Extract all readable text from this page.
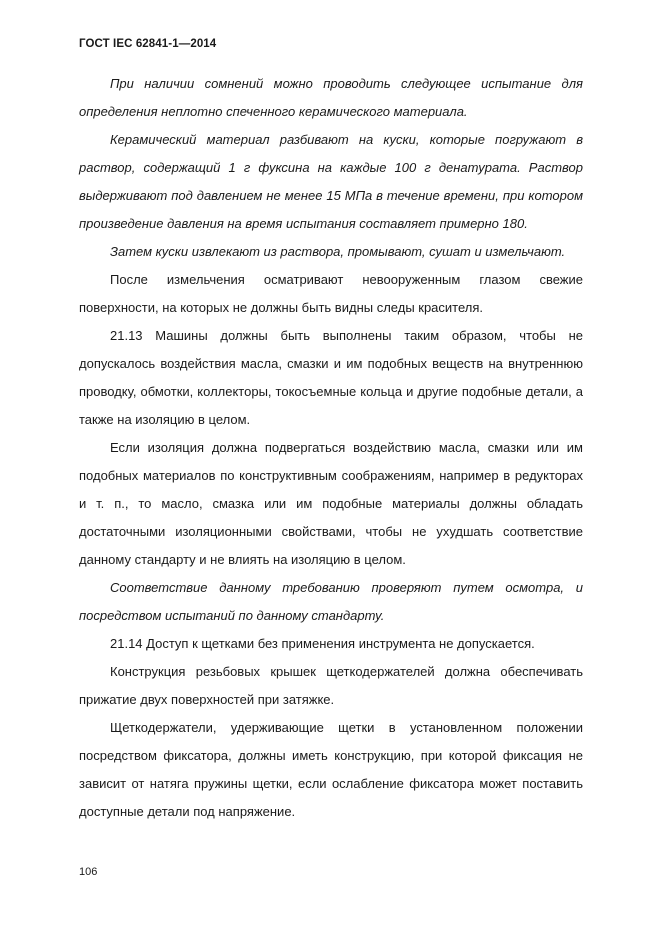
ГОСТ IEC 62841-1—2014

При наличии сомнений можно проводить следующее испытание для определения неплотно спеченного керамического материала.

Керамический материал разбивают на куски, которые погружают в раствор, содержащий 1 г фуксина на каждые 100 г денатурата. Раствор выдерживают под давлением не менее 15 МПа в течение времени, при котором произведение давления на время испытания составляет примерно 180.

Затем куски извлекают из раствора, промывают, сушат и измельчают.

После измельчения осматривают невооруженным глазом свежие поверхности, на которых не должны быть видны следы красителя.

21.13 Машины должны быть выполнены таким образом, чтобы не допускалось воздействия масла, смазки и им подобных веществ на внутреннюю проводку, обмотки, коллекторы, токосъемные кольца и другие подобные детали, а также на изоляцию в целом.

Если изоляция должна подвергаться воздействию масла, смазки или им подобных материалов по конструктивным соображениям, например в редукторах и т. п., то масло, смазка или им подобные материалы должны обладать достаточными изоляционными свойствами, чтобы не ухудшать соответствие данному стандарту и не влиять на изоляцию в целом.

Соответствие данному требованию проверяют путем осмотра, и посредством испытаний по данному стандарту.

21.14 Доступ к щетками без применения инструмента не допускается.

Конструкция резьбовых крышек щеткодержателей должна обеспечивать прижатие двух поверхностей при затяжке.

Щеткодержатели, удерживающие щетки в установленном положении посредством фиксатора, должны иметь конструкцию, при которой фиксация не зависит от натяга пружины щетки, если ослабление фиксатора может поставить доступные детали под напряжение.

106
